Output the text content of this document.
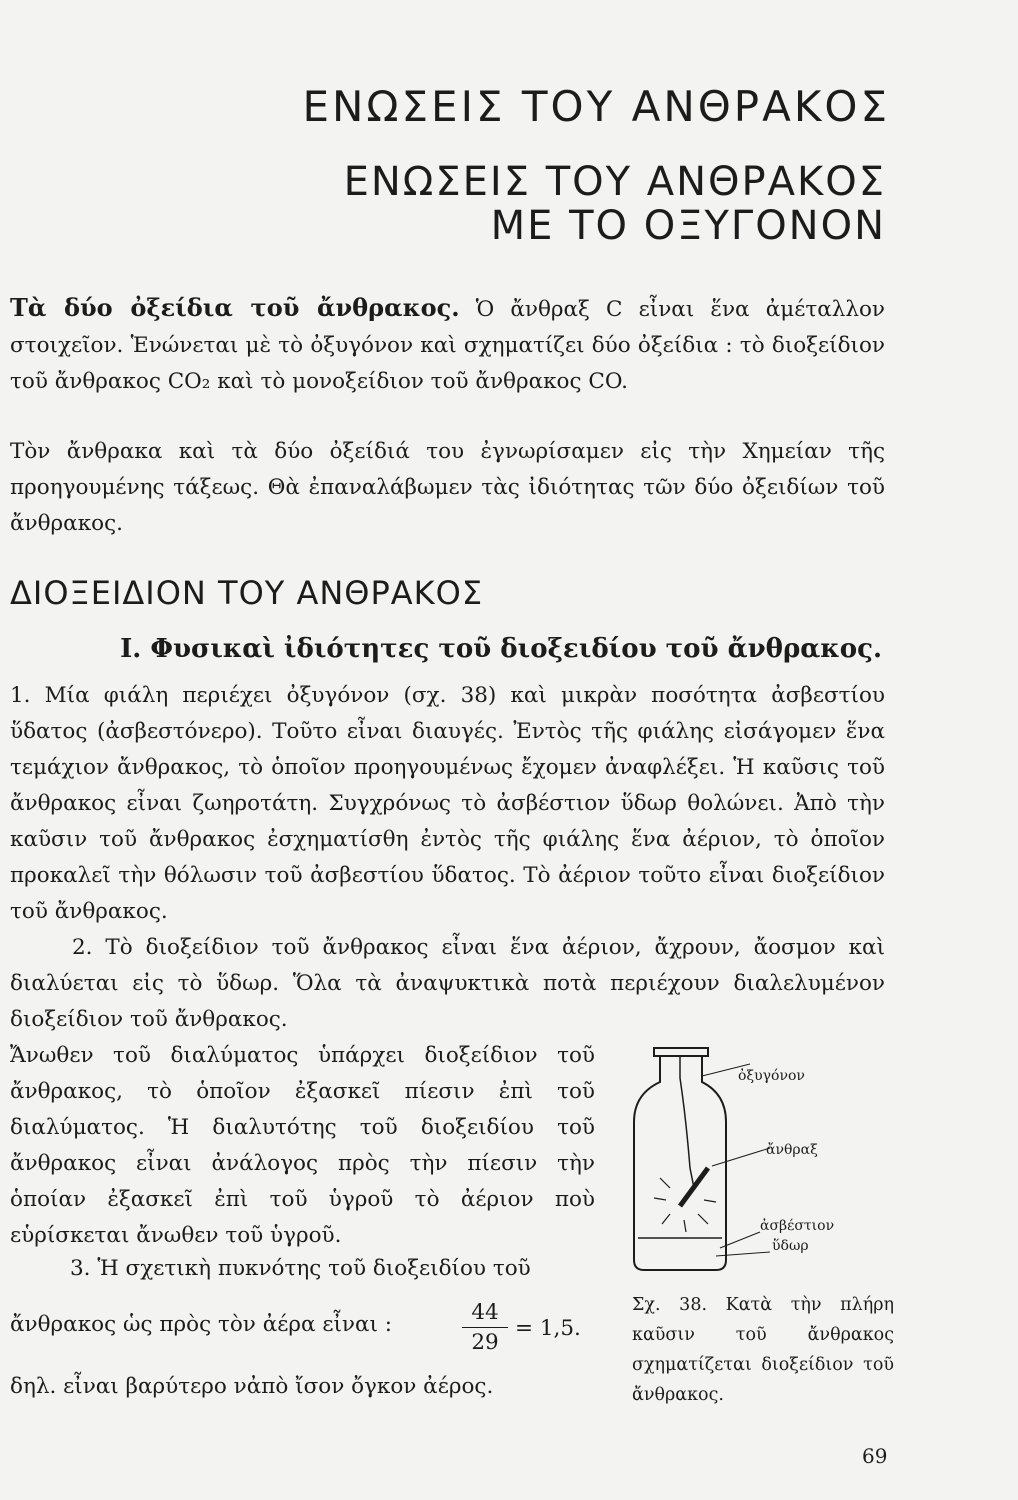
ΕΝΩΣΕΙΣ ΤΟΥ ΑΝΘΡΑΚΟΣ
ΕΝΩΣΕΙΣ ΤΟΥ ΑΝΘΡΑΚΟΣ
ΜΕ ΤΟ ΟΞΥΓΟΝΟΝ

Τὰ δύο ὀξείδια τοῦ ἄνθρακος. Ὁ ἄνθραξ C εἶναι ἕνα ἀμέταλλον στοιχεῖον. Ἑνώνεται μὲ τὸ ὀξυγόνον καὶ σχηματίζει δύο ὀξείδια : τὸ διοξείδιον τοῦ ἄνθρακος CO₂ καὶ τὸ μονοξείδιον τοῦ ἄνθρακος CO.

Τὸν ἄνθρακα καὶ τὰ δύο ὀξείδιά του ἐγνωρίσαμεν εἰς τὴν Χημείαν τῆς προηγουμένης τάξεως. Θὰ ἐπαναλάβωμεν τὰς ἰδιότητας τῶν δύο ὀξειδίων τοῦ ἄνθρακος.

ΔΙΟΞΕΙΔΙΟΝ ΤΟΥ ΑΝΘΡΑΚΟΣ
Ι. Φυσικαὶ ἰδιότητες τοῦ διοξειδίου τοῦ ἄνθρακος.

1. Μία φιάλη περιέχει ὀξυγόνον (σχ. 38) καὶ μικρὰν ποσότητα ἀσβεστίου ὕδατος (ἀσβεστόνερο). Τοῦτο εἶναι διαυγές. Ἐντὸς τῆς φιάλης εἰσάγομεν ἕνα τεμάχιον ἄνθρακος, τὸ ὁποῖον προηγουμένως ἔχομεν ἀναφλέξει. Ἡ καῦσις τοῦ ἄνθρακος εἶναι ζωηροτάτη. Συγχρόνως τὸ ἀσβέστιον ὕδωρ θολώνει. Ἀπὸ τὴν καῦσιν τοῦ ἄνθρακος ἐσχηματίσθη ἐντὸς τῆς φιάλης ἕνα ἀέριον, τὸ ὁποῖον προκαλεῖ τὴν θόλωσιν τοῦ ἀσβεστίου ὕδατος. Τὸ ἀέριον τοῦτο εἶναι διοξείδιον τοῦ ἄνθρακος.

2. Τὸ διοξείδιον τοῦ ἄνθρακος εἶναι ἕνα ἀέριον, ἄχρουν, ἄοσμον καὶ διαλύεται εἰς τὸ ὕδωρ. Ὅλα τὰ ἀναψυκτικὰ ποτὰ περιέχουν διαλελυμένον διοξείδιον τοῦ ἄνθρακος.

Ἄνωθεν τοῦ διαλύματος ὑπάρχει διοξείδιον τοῦ ἄνθρακος, τὸ ὁποῖον ἐξασκεῖ πίεσιν ἐπὶ τοῦ διαλύματος. Ἡ διαλυτότης τοῦ διοξειδίου τοῦ ἄνθρακος εἶναι ἀνάλογος πρὸς τὴν πίεσιν τὴν ὁποίαν ἐξασκεῖ ἐπὶ τοῦ ὑγροῦ τὸ ἀέριον ποὺ εὑρίσκεται ἄνωθεν τοῦ ὑγροῦ.

3. Ἡ σχετικὴ πυκνότης τοῦ διοξειδίου τοῦ

ἄνθρακος ὡς πρὸς τὸν ἀέρα εἶναι :	$\frac{44}{29} = 1,5$.

δηλ. εἶναι βαρύτερο νἀπὸ ἴσον ὄγκον ἀέρος.

ὀξυγόνον
ἄνθραξ
ἀσβέστιον
ὕδωρ

Σχ. 38. Κατὰ τὴν πλήρη καῦσιν τοῦ ἄνθρακος σχηματίζεται διοξείδιον τοῦ ἄνθρακος.

69
